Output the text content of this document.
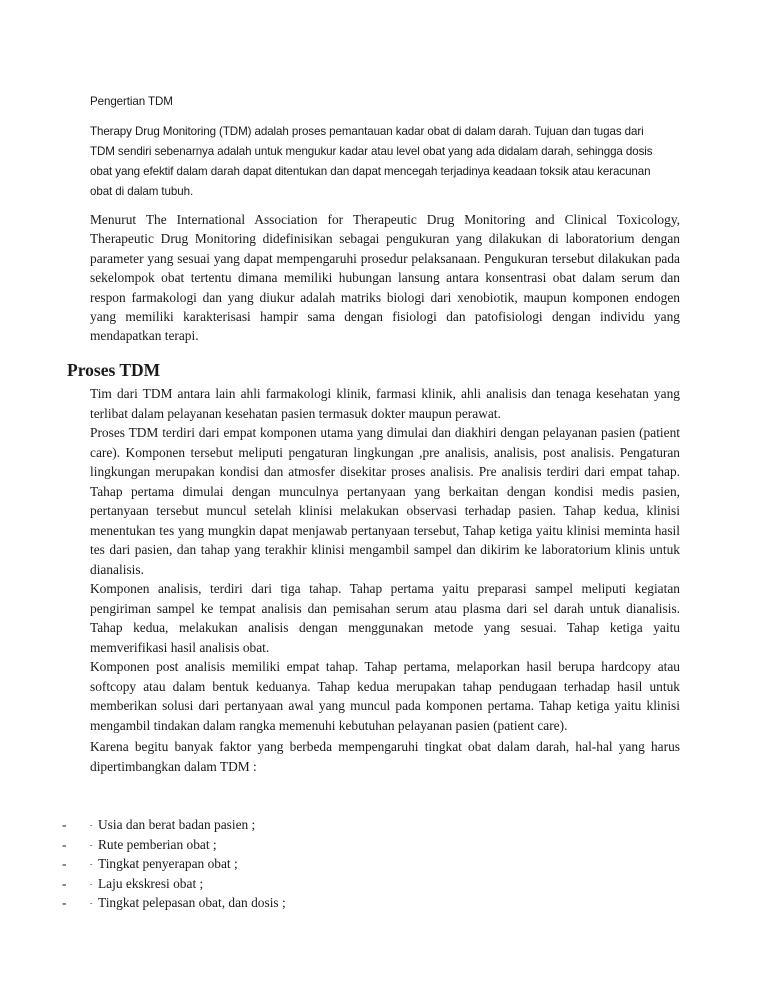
Pengertian TDM

Therapy Drug Monitoring (TDM) adalah proses pemantauan kadar obat di dalam darah. Tujuan dan tugas dari TDM sendiri sebenarnya adalah untuk mengukur kadar atau level obat yang ada didalam darah, sehingga dosis obat yang efektif dalam darah dapat ditentukan dan dapat mencegah terjadinya keadaan toksik atau keracunan obat di dalam tubuh.

Menurut The International Association for Therapeutic Drug Monitoring and Clinical Toxicology, Therapeutic Drug Monitoring didefinisikan sebagai pengukuran yang dilakukan di laboratorium dengan parameter yang sesuai yang dapat mempengaruhi prosedur pelaksanaan. Pengukuran tersebut dilakukan pada sekelompok obat tertentu dimana memiliki hubungan lansung antara konsentrasi obat dalam serum dan respon farmakologi dan yang diukur adalah matriks biologi dari xenobiotik, maupun komponen endogen yang memiliki karakterisasi hampir sama dengan fisiologi dan patofisiologi dengan individu yang mendapatkan terapi.

Proses TDM

Tim dari TDM antara lain ahli farmakologi klinik, farmasi klinik, ahli analisis dan tenaga kesehatan yang terlibat dalam pelayanan kesehatan pasien termasuk dokter maupun perawat.

Proses TDM terdiri dari empat komponen utama yang dimulai dan diakhiri dengan pelayanan pasien (patient care). Komponen tersebut meliputi pengaturan lingkungan ,pre analisis, analisis, post analisis. Pengaturan lingkungan merupakan kondisi dan atmosfer disekitar proses analisis. Pre analisis terdiri dari empat tahap. Tahap pertama dimulai dengan munculnya pertanyaan yang berkaitan dengan kondisi medis pasien, pertanyaan tersebut muncul setelah klinisi melakukan observasi terhadap pasien. Tahap kedua, klinisi menentukan tes yang mungkin dapat menjawab pertanyaan tersebut, Tahap ketiga yaitu klinisi meminta hasil tes dari pasien, dan tahap yang terakhir klinisi mengambil sampel dan dikirim ke laboratorium klinis untuk dianalisis.

Komponen analisis, terdiri dari tiga tahap. Tahap pertama yaitu preparasi sampel meliputi kegiatan pengiriman sampel ke tempat analisis dan pemisahan serum atau plasma dari sel darah untuk dianalisis. Tahap kedua, melakukan analisis dengan menggunakan metode yang sesuai. Tahap ketiga yaitu memverifikasi hasil analisis obat.

Komponen post analisis memiliki empat tahap. Tahap pertama, melaporkan hasil berupa hardcopy atau softcopy atau dalam bentuk keduanya. Tahap kedua merupakan tahap pendugaan terhadap hasil untuk memberikan solusi dari pertanyaan awal yang muncul pada komponen pertama. Tahap ketiga yaitu klinisi mengambil tindakan dalam rangka memenuhi kebutuhan pelayanan pasien (patient care).

Karena begitu banyak faktor yang berbeda mempengaruhi tingkat obat dalam darah, hal-hal yang harus dipertimbangkan dalam TDM :

-	- Usia dan berat badan pasien ;
-	- Rute pemberian obat ;
-	- Tingkat penyerapan obat ;
-	- Laju ekskresi obat ;
-	- Tingkat pelepasan obat, dan dosis ;
